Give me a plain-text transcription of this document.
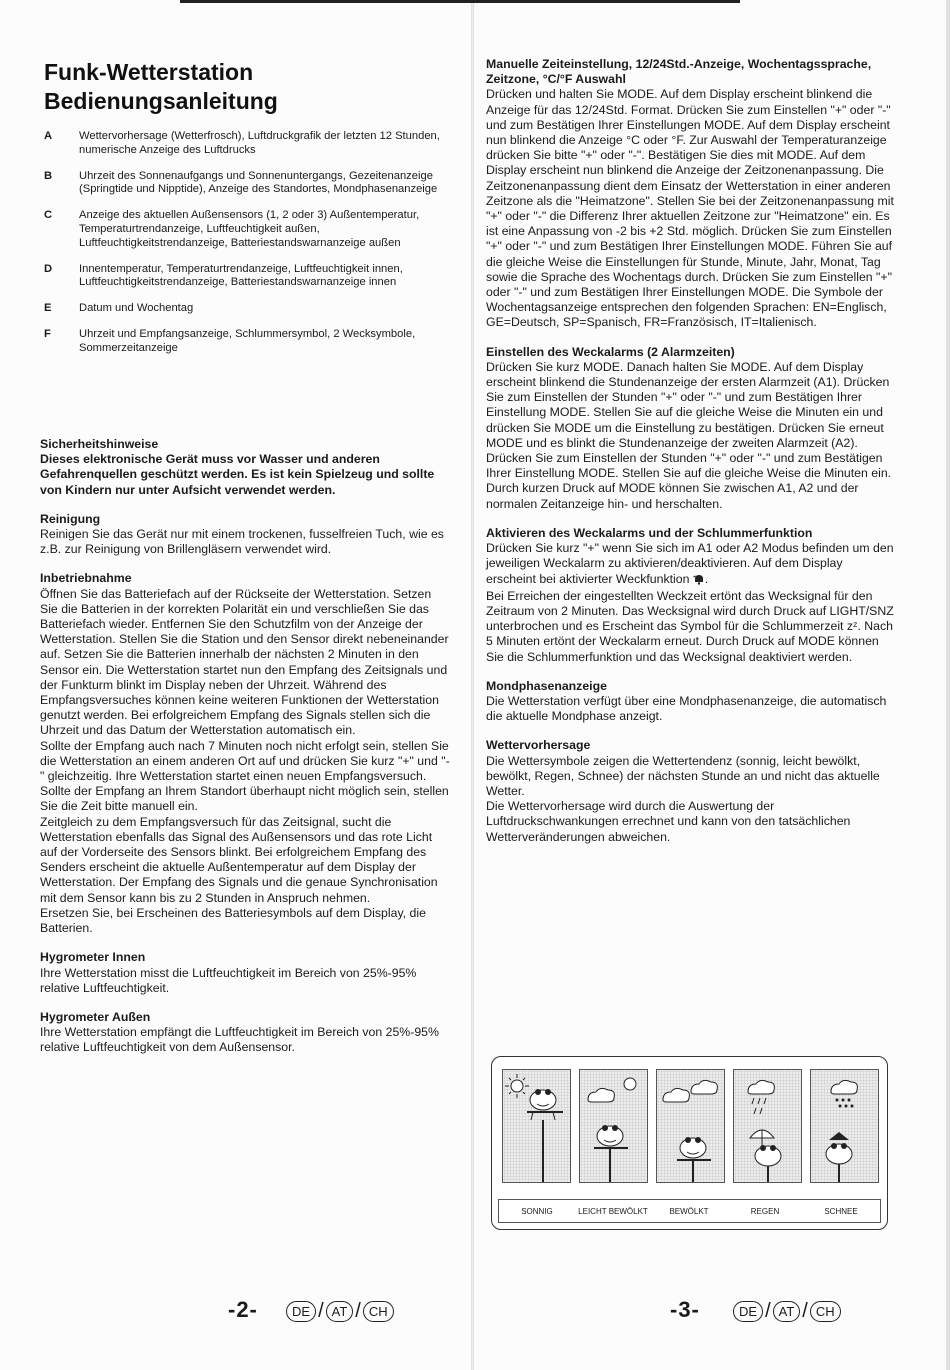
Funk-Wetterstation
Bedienungsanleitung
A	Wettervorhersage (Wetterfrosch), Luftdruckgrafik der letzten 12 Stunden, numerische Anzeige des Luftdrucks
B	Uhrzeit des Sonnenaufgangs und Sonnenuntergangs, Gezeitenanzeige (Springtide und Nipptide), Anzeige des Standortes, Mondphasenanzeige
C	Anzeige des aktuellen Außensensors (1, 2 oder 3) Außentemperatur, Temperaturtrendanzeige, Luftfeuchtigkeit außen, Luftfeuchtigkeitstrendanzeige, Batteriestandswarnanzeige außen
D	Innentemperatur, Temperaturtrendanzeige, Luftfeuchtigkeit innen, Luftfeuchtigkeitstrendanzeige, Batteriestandswarnanzeige innen
E	Datum und Wochentag
F	Uhrzeit und Empfangsanzeige, Schlummersymbol, 2 Wecksymbole, Sommerzeitanzeige
Sicherheitshinweise

Dieses elektronische Gerät muss vor Wasser und anderen Gefahrenquellen geschützt werden. Es ist kein Spielzeug und sollte von Kindern nur unter Aufsicht verwendet werden.

Reinigung

Reinigen Sie das Gerät nur mit einem trockenen, fusselfreien Tuch, wie es z.B. zur Reinigung von Brillengläsern verwendet wird.

Inbetriebnahme

Öffnen Sie das Batteriefach auf der Rückseite der Wetterstation. Setzen Sie die Batterien in der korrekten Polarität ein und verschließen Sie das Batteriefach wieder. Entfernen Sie den Schutzfilm von der Anzeige der Wetterstation. Stellen Sie die Station und den Sensor direkt nebeneinander auf. Setzen Sie die Batterien innerhalb der nächsten 2 Minuten in den Sensor ein. Die Wetterstation startet nun den Empfang des Zeitsignals und der Funkturm blinkt im Display neben der Uhrzeit. Während des Empfangsversuches können keine weiteren Funktionen der Wetterstation genutzt werden. Bei erfolgreichem Empfang des Signals stellen sich die Uhrzeit und das Datum der Wetterstation automatisch ein.

Sollte der Empfang auch nach 7 Minuten noch nicht erfolgt sein, stellen Sie die Wetterstation an einem anderen Ort auf und drücken Sie kurz "+" und "-" gleichzeitig. Ihre Wetterstation startet einen neuen Empfangsversuch. Sollte der Empfang an Ihrem Standort überhaupt nicht möglich sein, stellen Sie die Zeit bitte manuell ein.

Zeitgleich zu dem Empfangsversuch für das Zeitsignal, sucht die Wetterstation ebenfalls das Signal des Außensensors und das rote Licht auf der Vorderseite des Sensors blinkt. Bei erfolgreichem Empfang des Senders erscheint die aktuelle Außentemperatur auf dem Display der Wetterstation. Der Empfang des Signals und die genaue Synchronisation mit dem Sensor kann bis zu 2 Stunden in Anspruch nehmen.

Ersetzen Sie, bei Erscheinen des Batteriesymbols auf dem Display, die Batterien.

Hygrometer Innen

Ihre Wetterstation misst die Luftfeuchtigkeit im Bereich von 25%-95% relative Luftfeuchtigkeit.

Hygrometer Außen

Ihre Wetterstation empfängt die Luftfeuchtigkeit im Bereich von 25%-95% relative Luftfeuchtigkeit von dem Außensensor.

Manuelle Zeiteinstellung, 12/24Std.-Anzeige, Wochentagssprache, Zeitzone, °C/°F Auswahl

Drücken und halten Sie MODE. Auf dem Display erscheint blinkend die Anzeige für das 12/24Std. Format. Drücken Sie zum Einstellen "+" oder "-" und zum Bestätigen Ihrer Einstellungen MODE. Auf dem Display erscheint nun blinkend die Anzeige °C oder °F. Zur Auswahl der Temperaturanzeige drücken Sie bitte "+" oder "-". Bestätigen Sie dies mit MODE. Auf dem Display erscheint nun blinkend die Anzeige der Zeitzonenanpassung. Die Zeitzonenanpassung dient dem Einsatz der Wetterstation in einer anderen Zeitzone als die "Heimatzone". Stellen Sie bei der Zeitzonenanpassung mit "+" oder "-" die Differenz Ihrer aktuellen Zeitzone zur "Heimatzone" ein. Es ist eine Anpassung von -2 bis +2 Std. möglich. Drücken Sie zum Einstellen "+" oder "-" und zum Bestätigen Ihrer Einstellungen MODE. Führen Sie auf die gleiche Weise die Einstellungen für Stunde, Minute, Jahr, Monat, Tag sowie die Sprache des Wochentags durch. Drücken Sie zum Einstellen "+" oder "-" und zum Bestätigen Ihrer Einstellungen MODE. Die Symbole der Wochentagsanzeige entsprechen den folgenden Sprachen: EN=Englisch, GE=Deutsch, SP=Spanisch, FR=Französisch, IT=Italienisch.

Einstellen des Weckalarms (2 Alarmzeiten)

Drücken Sie kurz MODE. Danach halten Sie MODE. Auf dem Display erscheint blinkend die Stundenanzeige der ersten Alarmzeit (A1). Drücken Sie zum Einstellen der Stunden "+" oder "-" und zum Bestätigen Ihrer Einstellung MODE. Stellen Sie auf die gleiche Weise die Minuten ein und drücken Sie MODE um die Einstellung zu bestätigen. Drücken Sie erneut MODE und es blinkt die Stundenanzeige der zweiten Alarmzeit (A2). Drücken Sie zum Einstellen der Stunden "+" oder "-" und zum Bestätigen Ihrer Einstellung MODE. Stellen Sie auf die gleiche Weise die Minuten ein. Durch kurzen Druck auf MODE können Sie zwischen A1, A2 und der normalen Zeitanzeige hin- und herschalten.

Aktivieren des Weckalarms und der Schlummerfunktion

Drücken Sie kurz "+" wenn Sie sich im A1 oder A2 Modus befinden um den jeweiligen Weckalarm zu aktivieren/deaktivieren. Auf dem Display erscheint bei aktivierter Weckfunktion .
Bei Erreichen der eingestellten Weckzeit ertönt das Wecksignal für den Zeitraum von 2 Minuten. Das Wecksignal wird durch Druck auf LIGHT/SNZ unterbrochen und es Erscheint das Symbol für die Schlummerzeit zᶻ. Nach 5 Minuten ertönt der Weckalarm erneut. Durch Druck auf MODE können Sie die Schlummerfunktion und das Wecksignal deaktiviert werden.

Mondphasenanzeige

Die Wetterstation verfügt über eine Mondphasenanzeige, die automatisch die aktuelle Mondphase anzeigt.

Wettervorhersage

Die Wettersymbole zeigen die Wettertendenz (sonnig, leicht bewölkt, bewölkt, Regen, Schnee) der nächsten Stunde an und nicht das aktuelle Wetter.

Die Wettervorhersage wird durch die Auswertung der Luftdruckschwankungen errechnet und kann von den tatsächlichen Wetterveränderungen abweichen.

SONNIG	LEICHT BEWÖLKT	BEWÖLKT	REGEN	SCHNEE
-2-	DE / AT / CH	-3-	DE / AT / CH
